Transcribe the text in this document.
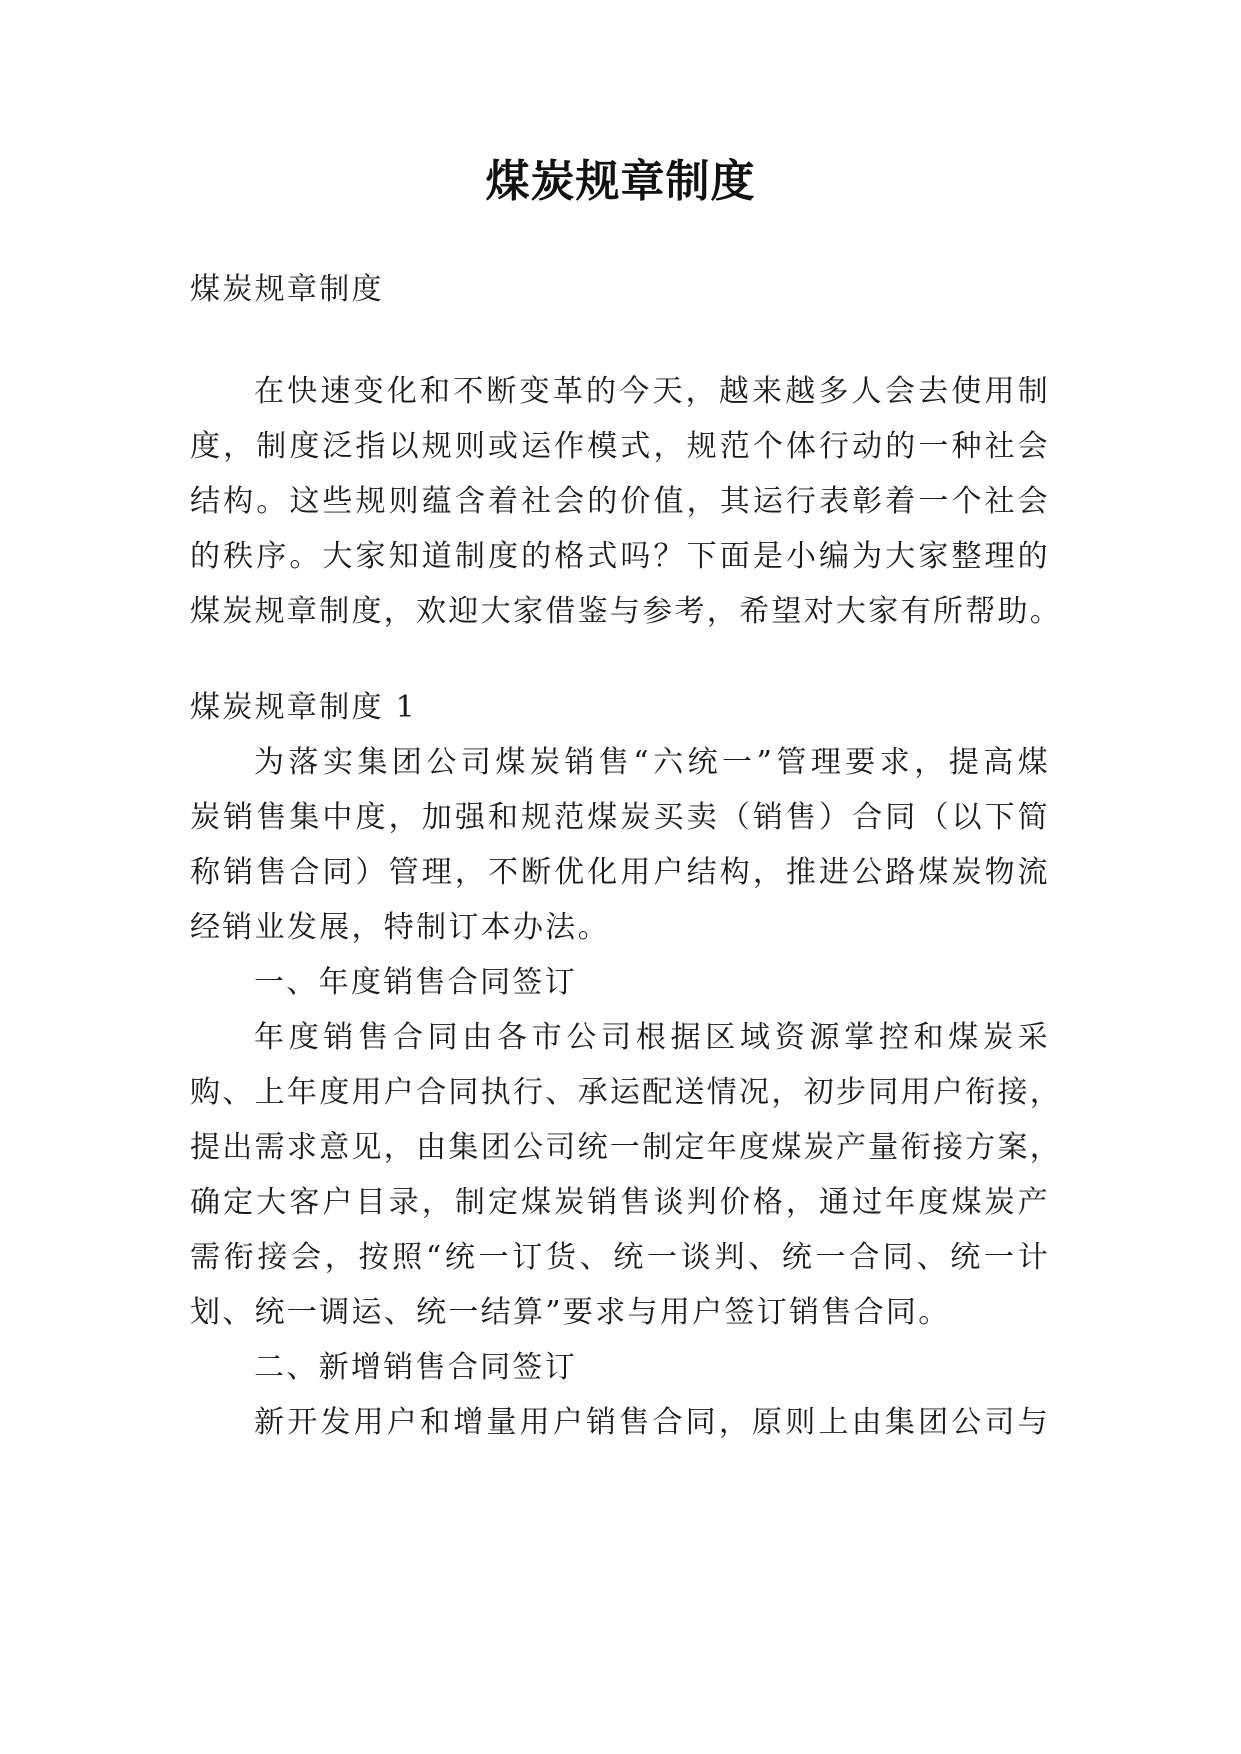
煤炭规章制度
煤炭规章制度
在快速变化和不断变革的今天，越来越多人会去使用制
度，制度泛指以规则或运作模式，规范个体行动的一种社会
结构。这些规则蕴含着社会的价值，其运行表彰着一个社会
的秩序。大家知道制度的格式吗？下面是小编为大家整理的
煤炭规章制度，欢迎大家借鉴与参考，希望对大家有所帮助。
煤炭规章制度 1
为落实集团公司煤炭销售“六统一”管理要求，提高煤
炭销售集中度，加强和规范煤炭买卖（销售）合同（以下简
称销售合同）管理，不断优化用户结构，推进公路煤炭物流
经销业发展，特制订本办法。
一、年度销售合同签订
年度销售合同由各市公司根据区域资源掌控和煤炭采
购、上年度用户合同执行、承运配送情况，初步同用户衔接，
提出需求意见，由集团公司统一制定年度煤炭产量衔接方案，
确定大客户目录，制定煤炭销售谈判价格，通过年度煤炭产
需衔接会，按照“统一订货、统一谈判、统一合同、统一计
划、统一调运、统一结算”要求与用户签订销售合同。
二、新增销售合同签订
新开发用户和增量用户销售合同，原则上由集团公司与
